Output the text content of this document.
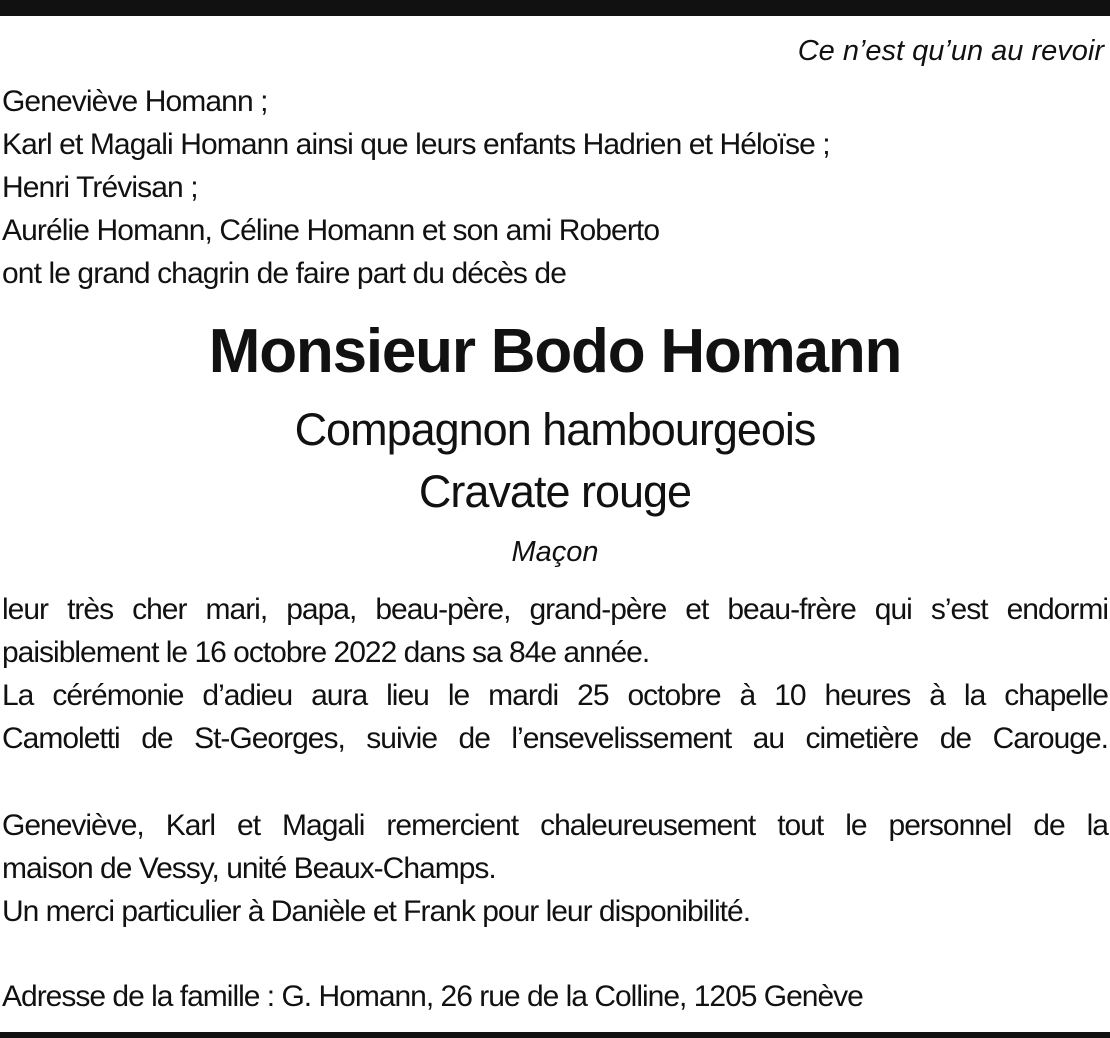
Ce n’est qu’un au revoir
Geneviève Homann ;
Karl et Magali Homann ainsi que leurs enfants Hadrien et Héloïse ;
Henri Trévisan ;
Aurélie Homann, Céline Homann et son ami Roberto
ont le grand chagrin de faire part du décès de
Monsieur Bodo Homann
Compagnon hambourgeois
Cravate rouge
Maçon
leur très cher mari, papa, beau-père, grand-père et beau-frère qui s’est endormi
paisiblement le 16 octobre 2022 dans sa 84e année.
La cérémonie d’adieu aura lieu le mardi 25 octobre à 10 heures à la chapelle
Camoletti de St-Georges, suivie de l’ensevelissement au cimetière de Carouge.
Geneviève, Karl et Magali remercient chaleureusement tout le personnel de la
maison de Vessy, unité Beaux-Champs.
Un merci particulier à Danièle et Frank pour leur disponibilité.
Adresse de la famille : G. Homann, 26 rue de la Colline, 1205 Genève
